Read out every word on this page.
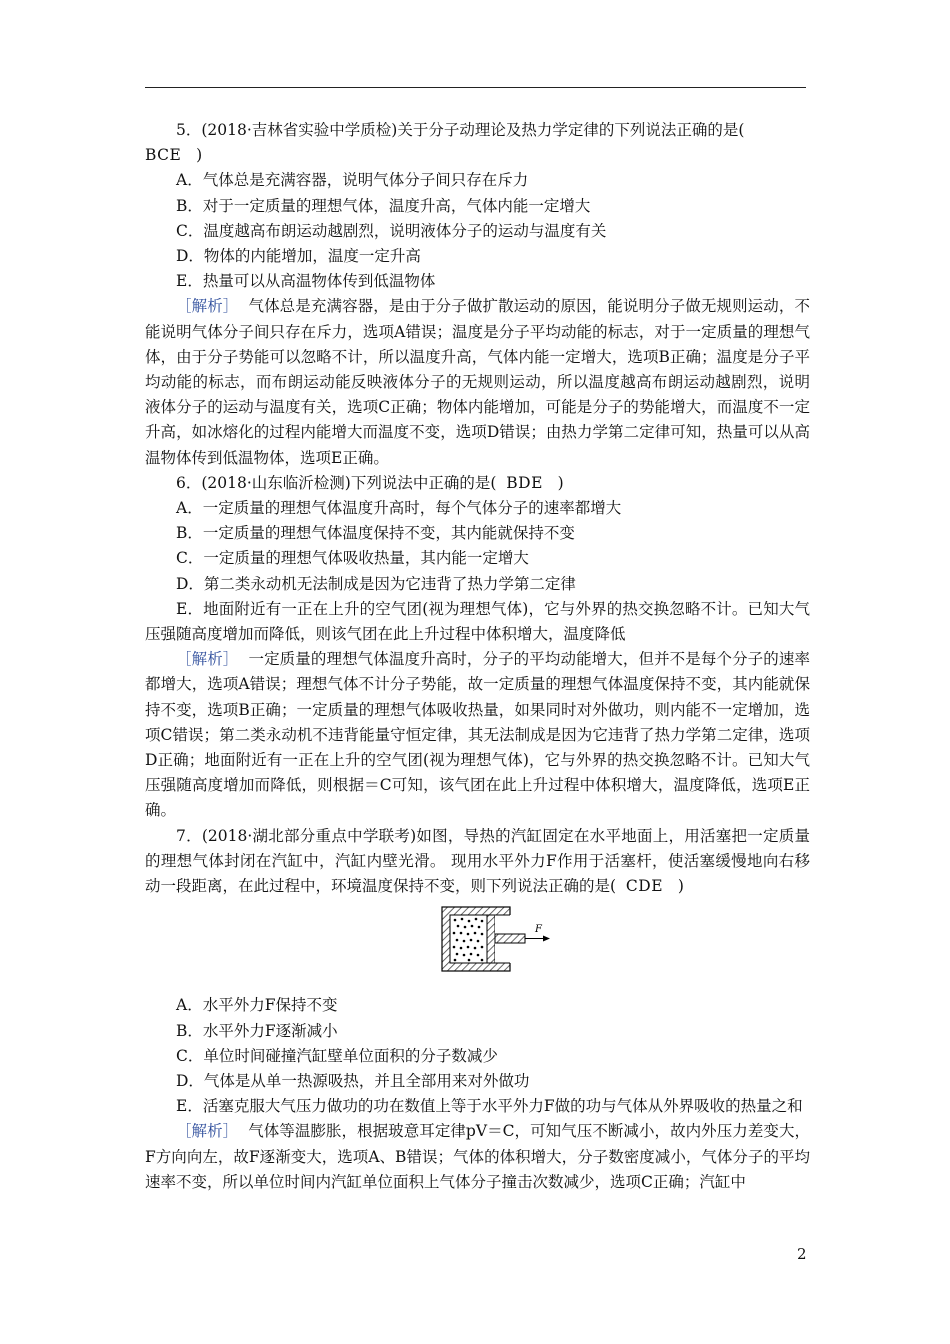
5．(2018·吉林省实验中学质检)关于分子动理论及热力学定律的下列说法正确的是(
BCE )

A．气体总是充满容器，说明气体分子间只存在斥力

B．对于一定质量的理想气体，温度升高，气体内能一定增大

C．温度越高布朗运动越剧烈，说明液体分子的运动与温度有关

D．物体的内能增加，温度一定升高

E．热量可以从高温物体传到低温物体

［解析］ 气体总是充满容器，是由于分子做扩散运动的原因，能说明分子做无规则运动，不能说明气体分子间只存在斥力，选项A错误；温度是分子平均动能的标志，对于一定质量的理想气体，由于分子势能可以忽略不计，所以温度升高，气体内能一定增大，选项B正确；温度是分子平均动能的标志，而布朗运动能反映液体分子的无规则运动，所以温度越高布朗运动越剧烈，说明液体分子的运动与温度有关，选项C正确；物体内能增加，可能是分子的势能增大，而温度不一定升高，如冰熔化的过程内能增大而温度不变，选项D错误；由热力学第二定律可知，热量可以从高温物体传到低温物体，选项E正确。

6．(2018·山东临沂检测)下列说法中正确的是( BDE )

A．一定质量的理想气体温度升高时，每个气体分子的速率都增大

B．一定质量的理想气体温度保持不变，其内能就保持不变

C．一定质量的理想气体吸收热量，其内能一定增大

D．第二类永动机无法制成是因为它违背了热力学第二定律

E．地面附近有一正在上升的空气团(视为理想气体)，它与外界的热交换忽略不计。已知大气压强随高度增加而降低，则该气团在此上升过程中体积增大，温度降低

［解析］ 一定质量的理想气体温度升高时，分子的平均动能增大，但并不是每个分子的速率都增大，选项A错误；理想气体不计分子势能，故一定质量的理想气体温度保持不变，其内能就保持不变，选项B正确；一定质量的理想气体吸收热量，如果同时对外做功，则内能不一定增加，选项C错误；第二类永动机不违背能量守恒定律，其无法制成是因为它违背了热力学第二定律，选项D正确；地面附近有一正在上升的空气团(视为理想气体)，它与外界的热交换忽略不计。已知大气压强随高度增加而降低，则根据＝C可知，该气团在此上升过程中体积增大，温度降低，选项E正确。

7．(2018·湖北部分重点中学联考)如图，导热的汽缸固定在水平地面上，用活塞把一定质量的理想气体封闭在汽缸中，汽缸内壁光滑。 现用水平外力F作用于活塞杆，使活塞缓慢地向右移动一段距离，在此过程中，环境温度保持不变，则下列说法正确的是( CDE )

F

A．水平外力F保持不变

B．水平外力F逐渐减小

C．单位时间碰撞汽缸壁单位面积的分子数减少

D．气体是从单一热源吸热，并且全部用来对外做功

E．活塞克服大气压力做功的功在数值上等于水平外力F做的功与气体从外界吸收的热量之和

［解析］ 气体等温膨胀，根据玻意耳定律pV＝C，可知气压不断减小，故内外压力差变大，F方向向左，故F逐渐变大，选项A、B错误；气体的体积增大，分子数密度减小，气体分子的平均速率不变，所以单位时间内汽缸单位面积上气体分子撞击次数减少，选项C正确；汽缸中

2
